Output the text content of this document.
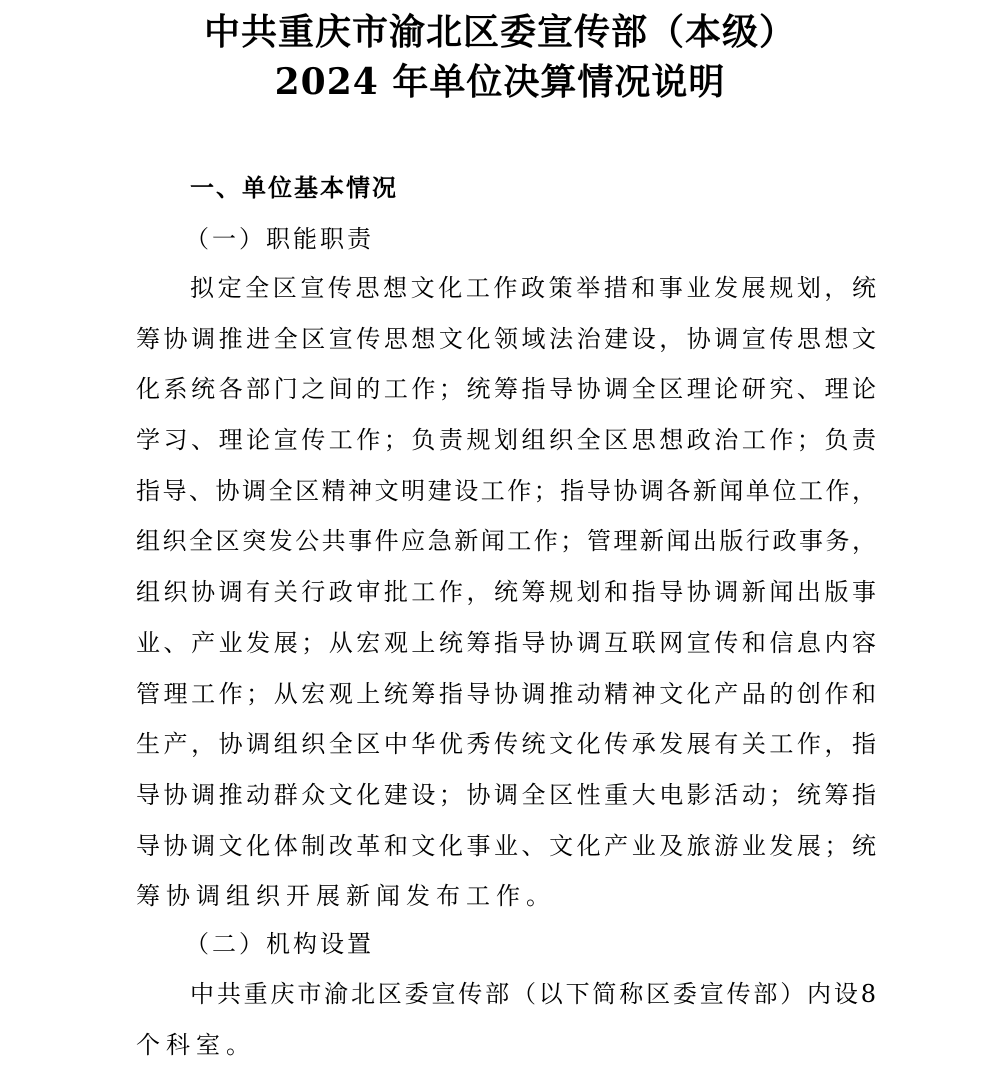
中共重庆市渝北区委宣传部（本级）
2024 年单位决算情况说明
一、单位基本情况
（一）职能职责
拟定全区宣传思想文化工作政策举措和事业发展规划，统
筹协调推进全区宣传思想文化领域法治建设，协调宣传思想文
化系统各部门之间的工作；统筹指导协调全区理论研究、理论
学习、理论宣传工作；负责规划组织全区思想政治工作；负责
指导、协调全区精神文明建设工作；指导协调各新闻单位工作，
组织全区突发公共事件应急新闻工作；管理新闻出版行政事务，
组织协调有关行政审批工作，统筹规划和指导协调新闻出版事
业、产业发展；从宏观上统筹指导协调互联网宣传和信息内容
管理工作；从宏观上统筹指导协调推动精神文化产品的创作和
生产，协调组织全区中华优秀传统文化传承发展有关工作，指
导协调推动群众文化建设；协调全区性重大电影活动；统筹指
导协调文化体制改革和文化事业、文化产业及旅游业发展；统
筹协调组织开展新闻发布工作。
（二）机构设置
中共重庆市渝北区委宣传部（以下简称区委宣传部）内设8
个科室。
